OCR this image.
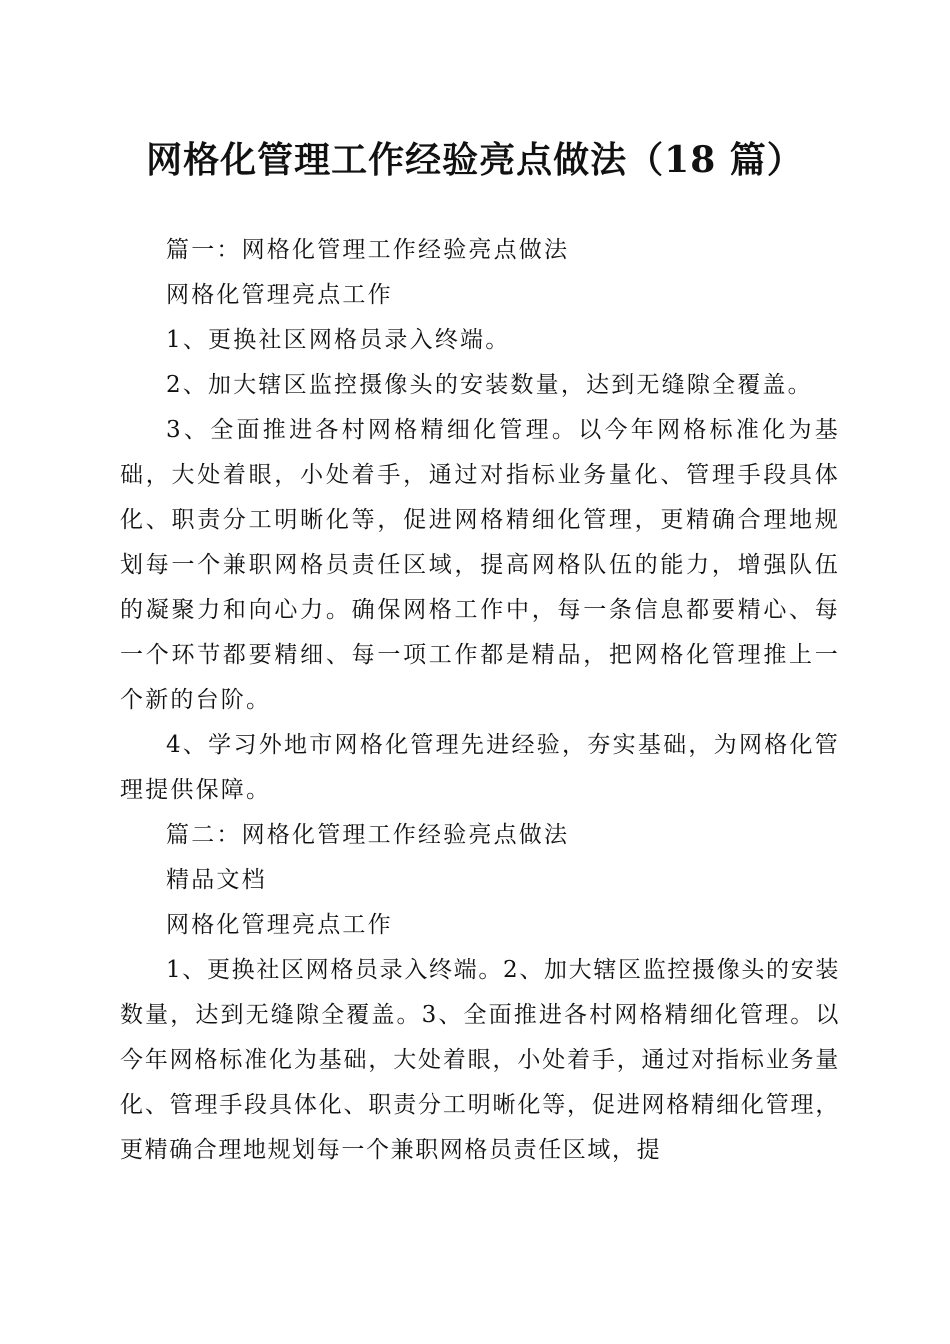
网格化管理工作经验亮点做法（18 篇）

篇一：网格化管理工作经验亮点做法

网格化管理亮点工作

1、更换社区网格员录入终端。

2、加大辖区监控摄像头的安装数量，达到无缝隙全覆盖。

3、全面推进各村网格精细化管理。以今年网格标准化为基础，大处着眼，小处着手，通过对指标业务量化、管理手段具体化、职责分工明晰化等，促进网格精细化管理，更精确合理地规划每一个兼职网格员责任区域，提高网格队伍的能力，增强队伍的凝聚力和向心力。确保网格工作中，每一条信息都要精心、每一个环节都要精细、每一项工作都是精品，把网格化管理推上一个新的台阶。

4、学习外地市网格化管理先进经验，夯实基础，为网格化管理提供保障。

篇二：网格化管理工作经验亮点做法

精品文档

网格化管理亮点工作

1、更换社区网格员录入终端。2、加大辖区监控摄像头的安装数量，达到无缝隙全覆盖。3、全面推进各村网格精细化管理。以今年网格标准化为基础，大处着眼，小处着手，通过对指标业务量化、管理手段具体化、职责分工明晰化等，促进网格精细化管理，更精确合理地规划每一个兼职网格员责任区域，提
